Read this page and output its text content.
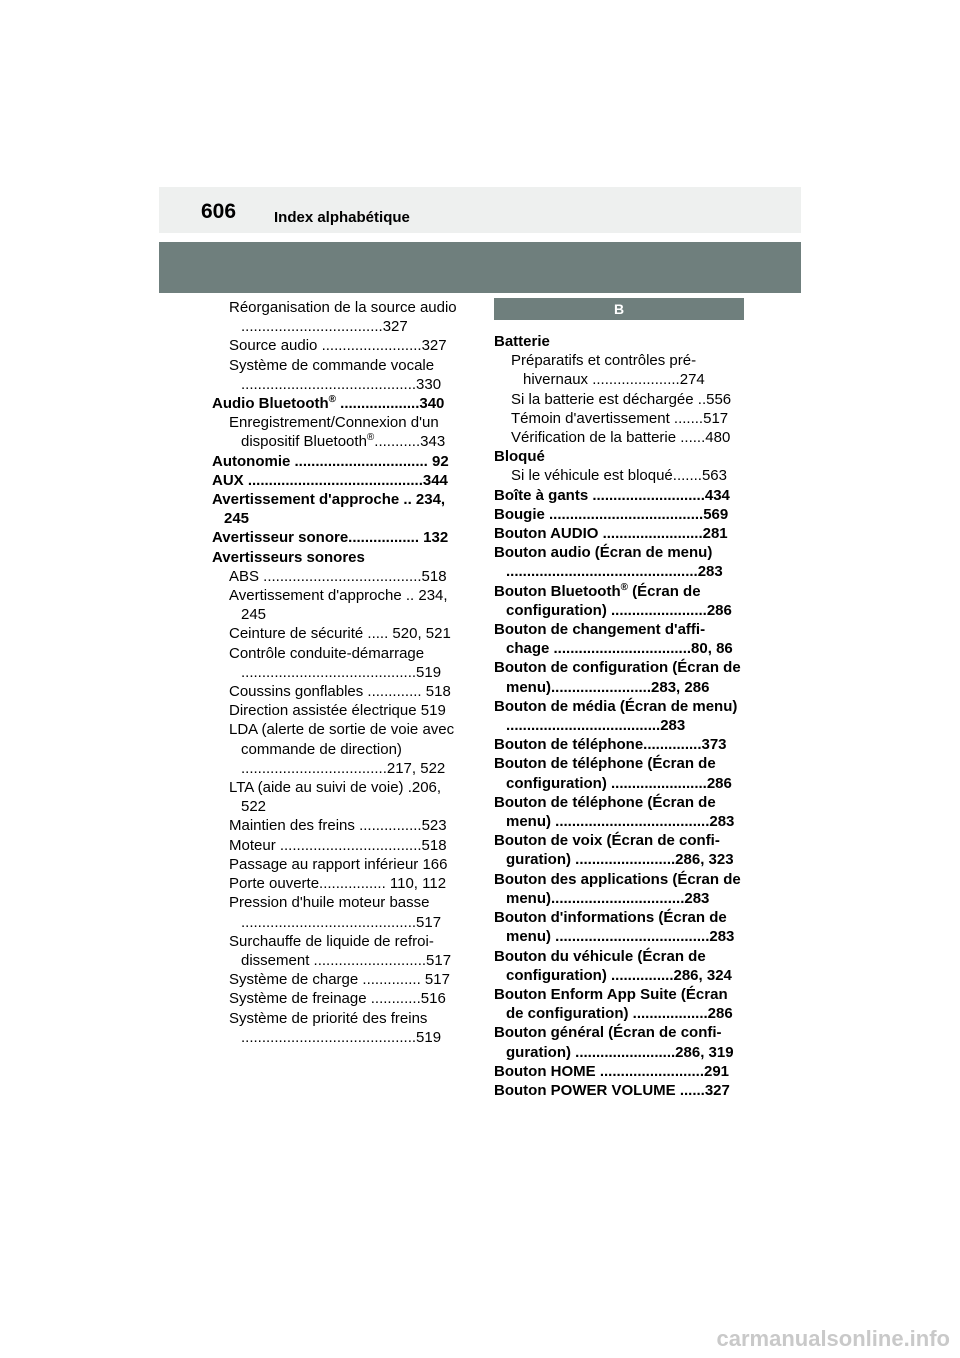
606	Index alphabétique
Réorganisation de la source audio ..................................327
Source audio ........................327
Système de commande vocale ..........................................330
Audio Bluetooth® ...................340
Enregistrement/Connexion d'un dispositif Bluetooth®...........343
Autonomie ................................ 92
AUX ..........................................344
Avertissement d'approche .. 234, 245
Avertisseur sonore................. 132
Avertisseurs sonores
ABS ......................................518
Avertissement d'approche .. 234, 245
Ceinture de sécurité ..... 520, 521
Contrôle conduite-démarrage ..........................................519
Coussins gonflables ............. 518
Direction assistée électrique 519
LDA (alerte de sortie de voie avec commande de direction) ...................................217, 522
LTA (aide au suivi de voie) .206, 522
Maintien des freins ...............523
Moteur ..................................518
Passage au rapport inférieur 166
Porte ouverte................ 110, 112
Pression d'huile moteur basse ..........................................517
Surchauffe de liquide de refroi-dissement ...........................517
Système de charge .............. 517
Système de freinage ............516
Système de priorité des freins ..........................................519
B
Batterie
Préparatifs et contrôles pré-hivernaux .....................274
Si la batterie est déchargée ..556
Témoin d'avertissement .......517
Vérification de la batterie ......480
Bloqué
Si le véhicule est bloqué.......563
Boîte à gants ...........................434
Bougie .....................................569
Bouton AUDIO ........................281
Bouton audio (Écran de menu) ..............................................283
Bouton Bluetooth® (Écran de configuration) .......................286
Bouton de changement d'affi-chage .................................80, 86
Bouton de configuration (Écran de menu)........................283, 286
Bouton de média (Écran de menu) .....................................283
Bouton de téléphone..............373
Bouton de téléphone (Écran de configuration) .......................286
Bouton de téléphone (Écran de menu) .....................................283
Bouton de voix (Écran de confi-guration) ........................286, 323
Bouton des applications (Écran de menu)................................283
Bouton d'informations (Écran de menu) .....................................283
Bouton du véhicule (Écran de configuration) ...............286, 324
Bouton Enform App Suite (Écran de configuration) ..................286
Bouton général (Écran de confi-guration) ........................286, 319
Bouton HOME .........................291
Bouton POWER VOLUME ......327
carmanualsonline.info
